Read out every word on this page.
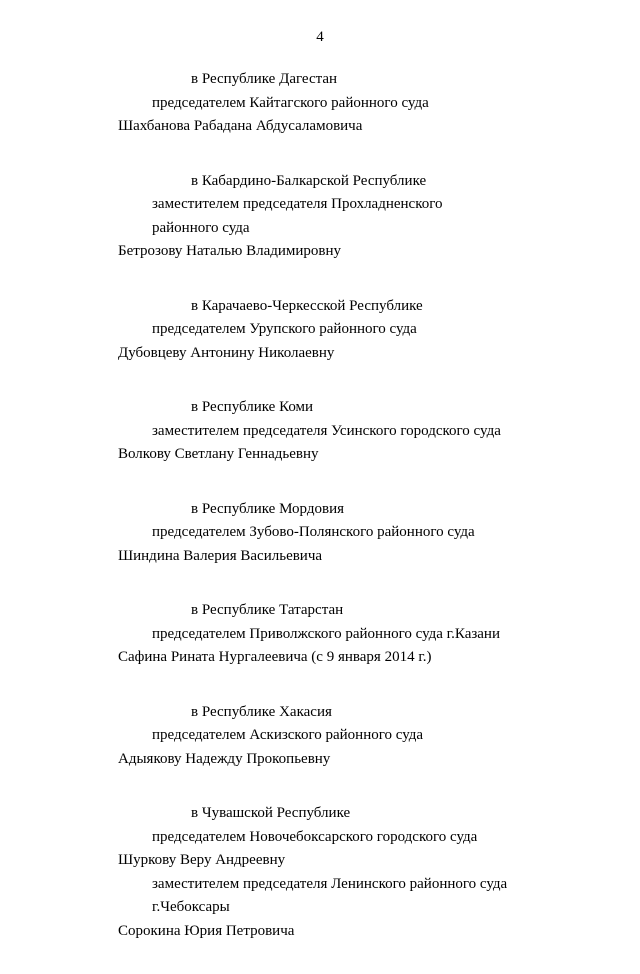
4
в Республике Дагестан
председателем Кайтагского районного суда
Шахбанова Рабадана Абдусаламовича
в Кабардино-Балкарской Республике
заместителем председателя Прохладненского
районного суда
Бетрозову Наталью Владимировну
в Карачаево-Черкесской Республике
председателем Урупского районного суда
Дубовцеву Антонину Николаевну
в Республике Коми
заместителем председателя Усинского городского суда
Волкову Светлану Геннадьевну
в Республике Мордовия
председателем Зубово-Полянского районного суда
Шиндина Валерия Васильевича
в Республике Татарстан
председателем Приволжского районного суда г.Казани
Сафина Рината Нургалеевича (с 9 января 2014 г.)
в Республике Хакасия
председателем Аскизского районного суда
Адыякову Надежду Прокопьевну
в Чувашской Республике
председателем Новочебоксарского городского суда
Шуркову Веру Андреевну
заместителем председателя Ленинского районного суда
г.Чебоксары
Сорокина Юрия Петровича
